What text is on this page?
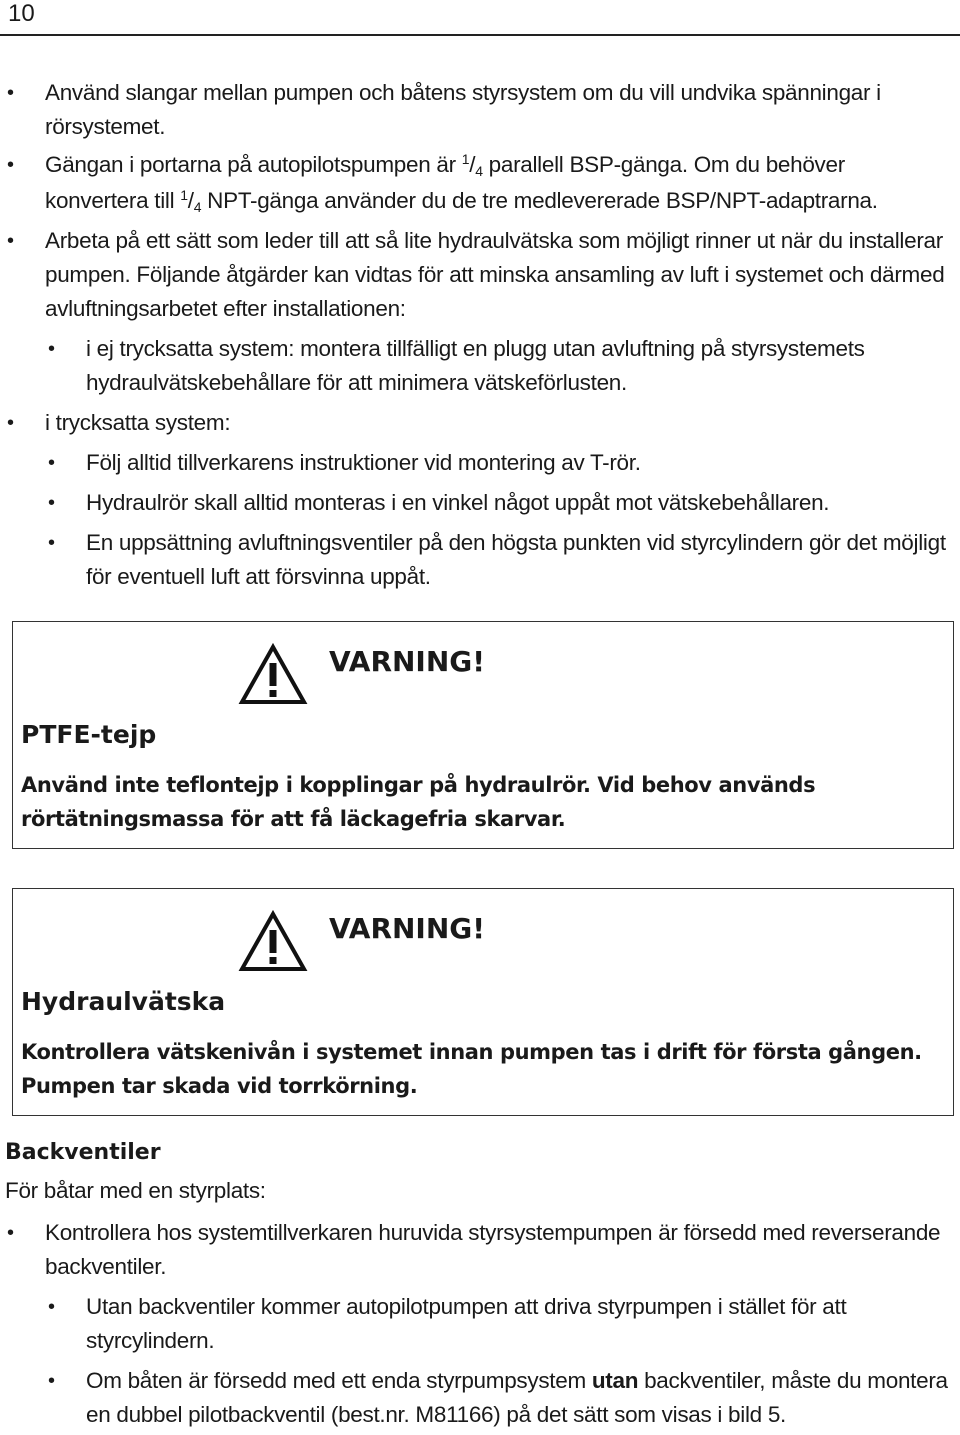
10
• Använd slangar mellan pumpen och båtens styrsystem om du vill undvika spänningar i rörsystemet.
• Gängan i portarna på autopilotspumpen är $^1$/4 parallell BSP-gänga. Om du behöver konvertera till $^1$/4 NPT-gänga använder du de tre medlevererade BSP/NPT-adaptrarna.
• Arbeta på ett sätt som leder till att så lite hydraulvätska som möjligt rinner ut när du installerar pumpen. Följande åtgärder kan vidtas för att minska ansamling av luft i systemet och därmed avluftningsarbetet efter installationen:
• i ej trycksatta system: montera tillfälligt en plugg utan avluftning på styrsystemets hydraulvätskebehållare för att minimera vätskeförlusten.
• i trycksatta system:
• Följ alltid tillverkarens instruktioner vid montering av T-rör.
• Hydraulrör skall alltid monteras i en vinkel något uppåt mot vätskebehållaren.
• En uppsättning avluftningsventiler på den högsta punkten vid styrcylindern gör det möjligt för eventuell luft att försvinna uppåt.
VARNING!
PTFE-tejp
Använd inte teflontejp i kopplingar på hydraulrör. Vid behov används rörtätningsmassa för att få läckagefria skarvar.
VARNING!
Hydraulvätska
Kontrollera vätskenivån i systemet innan pumpen tas i drift för första gången. Pumpen tar skada vid torrkörning.
Backventiler
För båtar med en styrplats:
• Kontrollera hos systemtillverkaren huruvida styrsystempumpen är försedd med reverserande backventiler.
• Utan backventiler kommer autopilotpumpen att driva styrpumpen i stället för att styrcylindern.
• Om båten är försedd med ett enda styrpumpsystem utan backventiler, måste du montera en dubbel pilotbackventil (best.nr. M81166) på det sätt som visas i bild 5.
